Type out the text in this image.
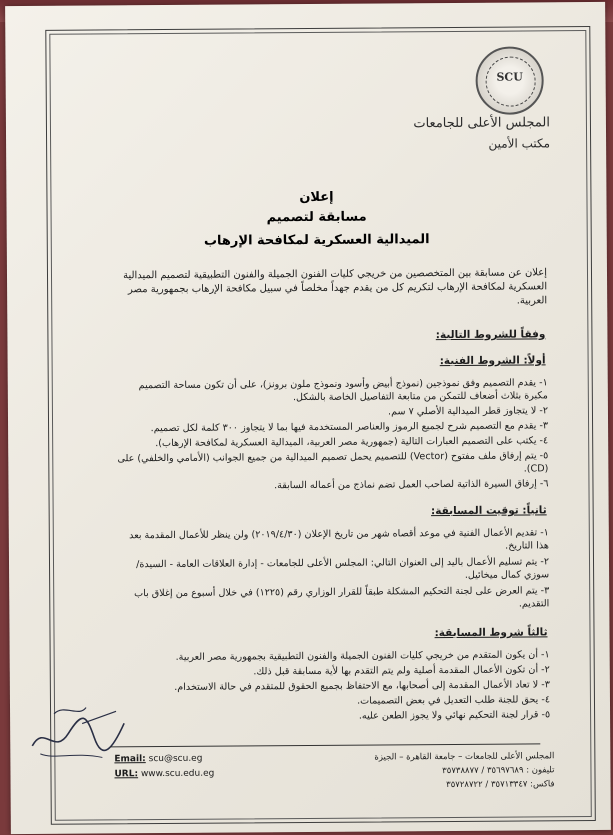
SCU
المجلس الأعلى للجامعات
مكتب الأمين
إعلان
مسابقة لتصميم
الميدالية العسكرية لمكافحة الإرهاب
إعلان عن مسابقة بين المتخصصين من خريجي كليات الفنون الجميلة والفنون التطبيقية لتصميم الميدالية العسكرية لمكافحة الإرهاب لتكريم كل من يقدم جهداً مخلصاً في سبيل مكافحة الإرهاب بجمهورية مصر العربية.
وفقاً للشروط التالية:
أولاً: الشروط الفنية:
١- يقدم التصميم وفق نموذجين (نموذج أبيض وأسود ونموذج ملون برونز)، على أن تكون مساحة التصميم مكبرة بثلاث أضعاف للتمكن من متابعة التفاصيل الخاصة بالشكل.
٢- لا يتجاوز قطر الميدالية الأصلي ٧ سم.
٣- يقدم مع التصميم شرح لجميع الرموز والعناصر المستخدمة فيها بما لا يتجاوز ٣٠٠ كلمة لكل تصميم.
٤- يكتب على التصميم العبارات التالية (جمهورية مصر العربية، الميدالية العسكرية لمكافحة الإرهاب).
٥- يتم إرفاق ملف مفتوح (Vector) للتصميم يحمل تصميم الميدالية من جميع الجوانب (الأمامي والخلفي) على (CD).
٦- إرفاق السيرة الذاتية لصاحب العمل تضم نماذج من أعماله السابقة.
ثانياً: توقيت المسابقة:
١- تقديم الأعمال الفنية في موعد أقصاه شهر من تاريخ الإعلان (٢٠١٩/٤/٣٠) ولن ينظر للأعمال المقدمة بعد هذا التاريخ.
٢- يتم تسليم الأعمال باليد إلى العنوان التالي: المجلس الأعلى للجامعات - إدارة العلاقات العامة - السيدة/ سوزي كمال ميخائيل.
٣- يتم العرض على لجنة التحكيم المشكلة طبقاً للقرار الوزاري رقم (١٢٢٥) في خلال أسبوع من إغلاق باب التقديم.
ثالثاً شروط المسابقة:
١- أن يكون المتقدم من خريجي كليات الفنون الجميلة والفنون التطبيقية بجمهورية مصر العربية.
٢- أن تكون الأعمال المقدمة أصلية ولم يتم التقدم بها لأية مسابقة قبل ذلك.
٣- لا تعاد الأعمال المقدمة إلى أصحابها، مع الاحتفاظ بجميع الحقوق للمتقدم في حالة الاستخدام.
٤- يحق للجنة طلب التعديل في بعض التصميمات.
٥- قرار لجنة التحكيم نهائي ولا يجوز الطعن عليه.
Email: scu@scu.eg
URL: www.scu.edu.eg
المجلس الأعلى للجامعات – جامعة القاهرة – الجيزة
تليفون : ٣٥٦٩٧٦٨٩ / ٣٥٧٣٨٨٧٧
فاكس: ٣٥٧١٣٣٤٧ / ٣٥٧٢٨٧٢٢
